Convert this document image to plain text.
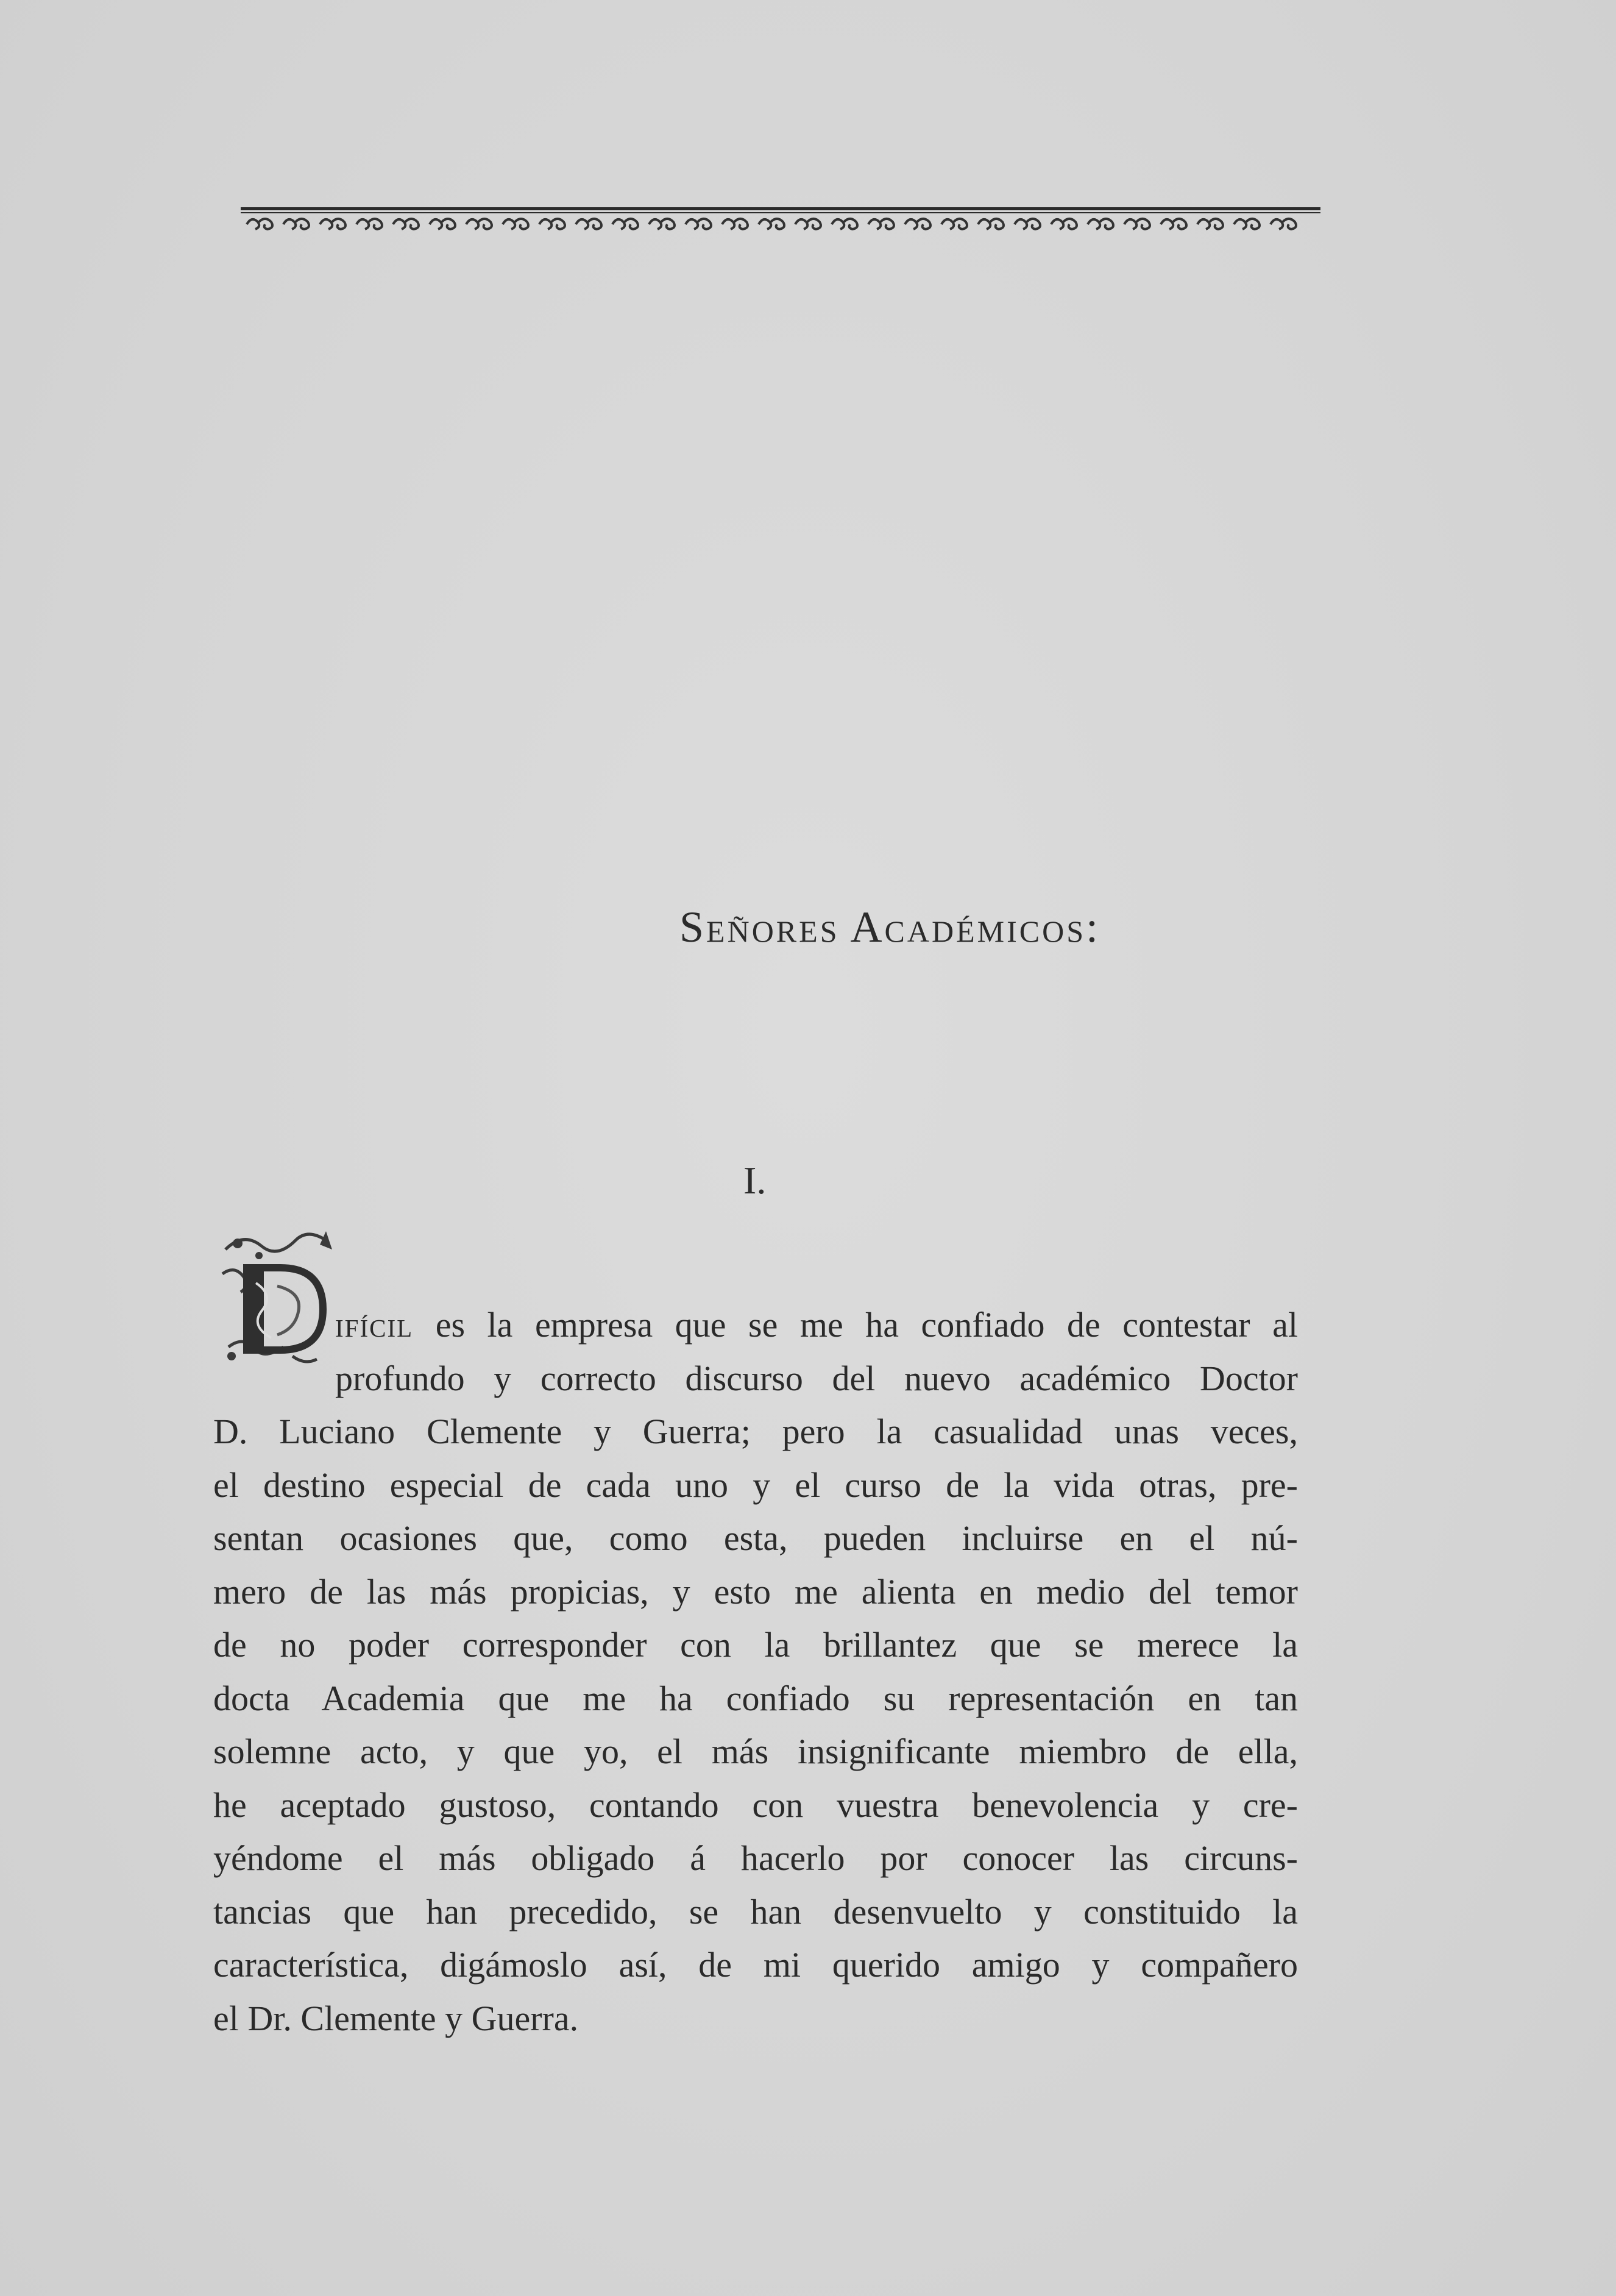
Señores Académicos:
I.
ifícil es la empresa que se me ha confiado de contestar al
profundo y correcto discurso del nuevo académico Doctor
D. Luciano Clemente y Guerra; pero la casualidad unas veces,
el destino especial de cada uno y el curso de la vida otras, pre-
sentan ocasiones que, como esta, pueden incluirse en el nú-
mero de las más propicias, y esto me alienta en medio del temor
de no poder corresponder con la brillantez que se merece la
docta Academia que me ha confiado su representación en tan
solemne acto, y que yo, el más insignificante miembro de ella,
he aceptado gustoso, contando con vuestra benevolencia y cre-
yéndome el más obligado á hacerlo por conocer las circuns-
tancias que han precedido, se han desenvuelto y constituido la
característica, digámoslo así, de mi querido amigo y compañero
el Dr. Clemente y Guerra.
